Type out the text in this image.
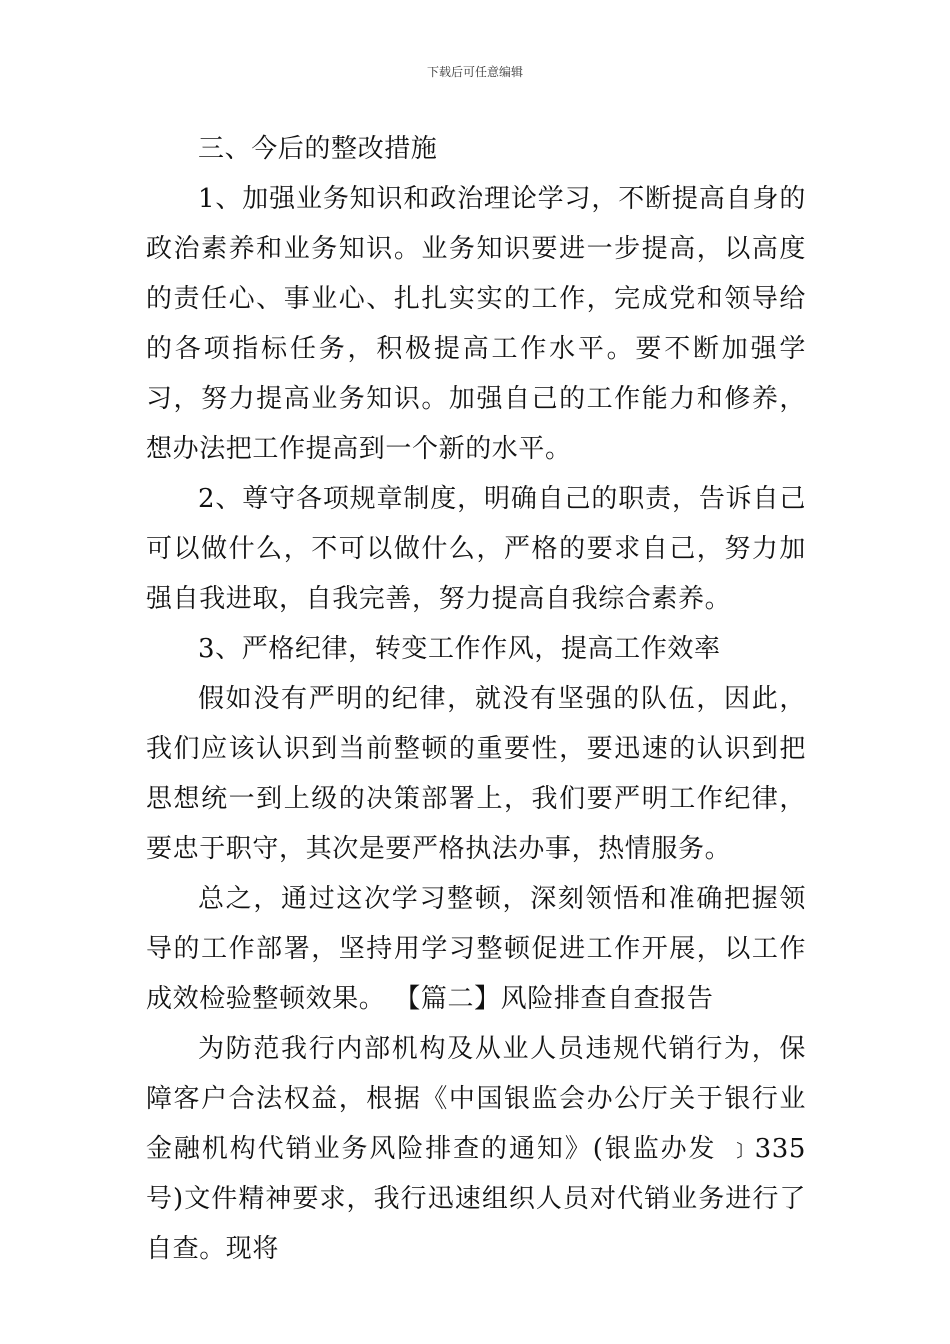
下载后可任意编辑

三、今后的整改措施

1、加强业务知识和政治理论学习，不断提高自身的政治素养和业务知识。业务知识要进一步提高，以高度的责任心、事业心、扎扎实实的工作，完成党和领导给的各项指标任务，积极提高工作水平。要不断加强学习，努力提高业务知识。加强自己的工作能力和修养，想办法把工作提高到一个新的水平。

2、尊守各项规章制度，明确自己的职责，告诉自己可以做什么，不可以做什么，严格的要求自己，努力加强自我进取，自我完善，努力提高自我综合素养。

3、严格纪律，转变工作作风，提高工作效率

假如没有严明的纪律，就没有坚强的队伍，因此，我们应该认识到当前整顿的重要性，要迅速的认识到把思想统一到上级的决策部署上，我们要严明工作纪律，要忠于职守，其次是要严格执法办事，热情服务。

总之，通过这次学习整顿，深刻领悟和准确把握领导的工作部署，坚持用学习整顿促进工作开展，以工作成效检验整顿效果。 【篇二】风险排查自查报告

为防范我行内部机构及从业人员违规代销行为，保障客户合法权益，根据《中国银监会办公厅关于银行业金融机构代销业务风险排查的通知》(银监办发 ﹞335号)文件精神要求，我行迅速组织人员对代销业务进行了自查。现将
